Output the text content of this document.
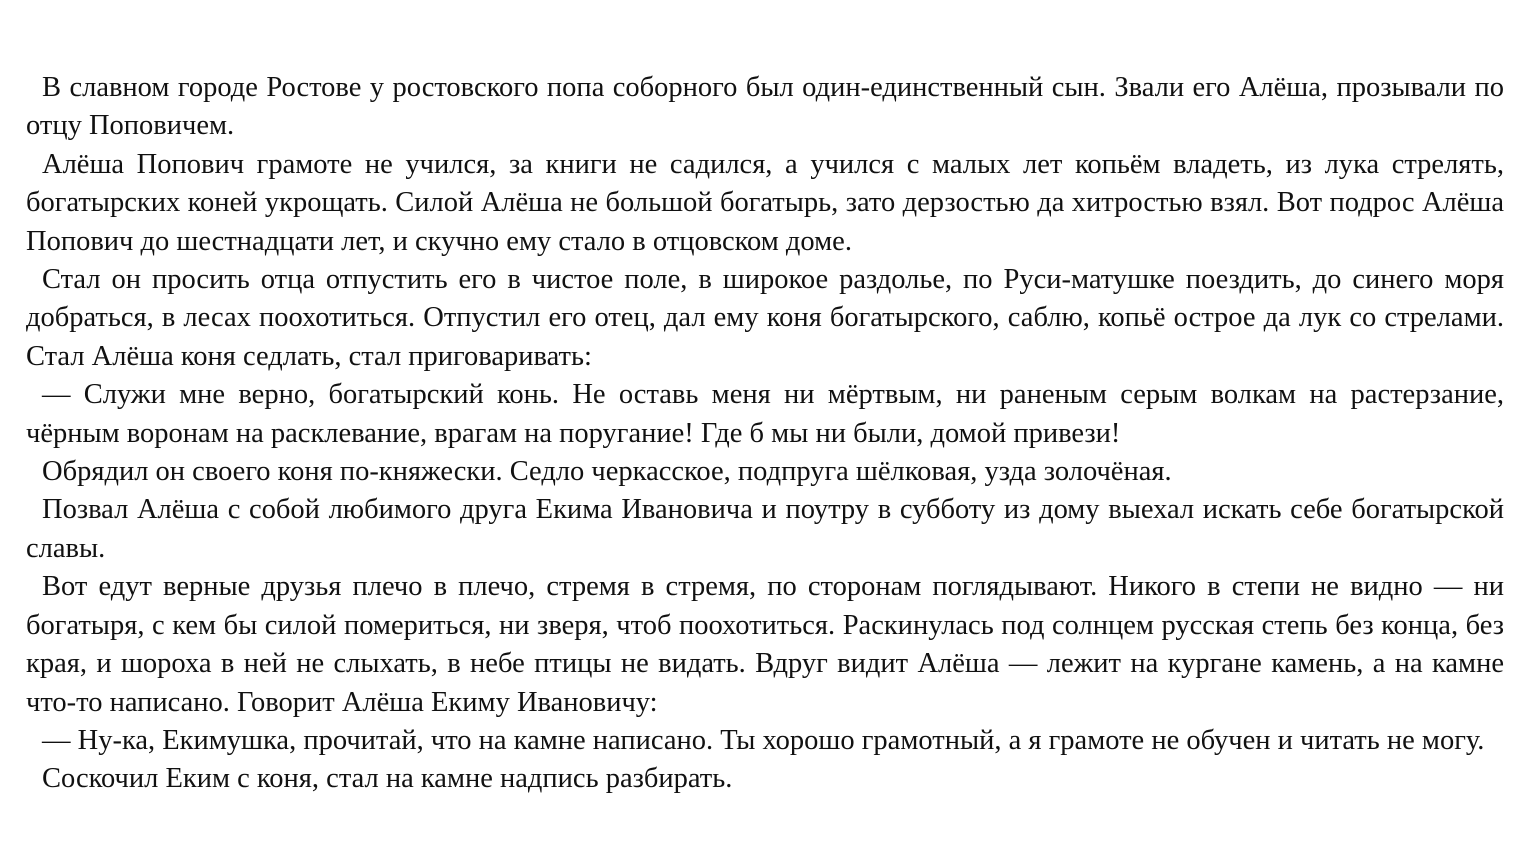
В славном городе Ростове у ростовского попа соборного был один-единственный сын. Звали его Алёша, прозывали по отцу Поповичем.

Алёша Попович грамоте не учился, за книги не садился, а учился с малых лет копьём владеть, из лука стрелять, богатырских коней укрощать. Силой Алёша не большой богатырь, зато дерзостью да хитростью взял. Вот подрос Алёша Попович до шестнадцати лет, и скучно ему стало в отцовском доме.

Стал он просить отца отпустить его в чистое поле, в широкое раздолье, по Руси-матушке поездить, до синего моря добраться, в лесах поохотиться. Отпустил его отец, дал ему коня богатырского, саблю, копьё острое да лук со стрелами. Стал Алёша коня седлать, стал приговаривать:

— Служи мне верно, богатырский конь. Не оставь меня ни мёртвым, ни раненым серым волкам на растерзание, чёрным воронам на расклевание, врагам на поругание! Где б мы ни были, домой привези!

Обрядил он своего коня по-княжески. Седло черкасское, подпруга шёлковая, узда золочёная.

Позвал Алёша с собой любимого друга Екима Ивановича и поутру в субботу из дому выехал искать себе богатырской славы.

Вот едут верные друзья плечо в плечо, стремя в стремя, по сторонам поглядывают. Никого в степи не видно — ни богатыря, с кем бы силой помериться, ни зверя, чтоб поохотиться. Раскинулась под солнцем русская степь без конца, без края, и шороха в ней не слыхать, в небе птицы не видать. Вдруг видит Алёша — лежит на кургане камень, а на камне что-то написано. Говорит Алёша Екиму Ивановичу:

— Ну-ка, Екимушка, прочитай, что на камне написано. Ты хорошо грамотный, а я грамоте не обучен и читать не могу.

Соскочил Еким с коня, стал на камне надпись разбирать.
